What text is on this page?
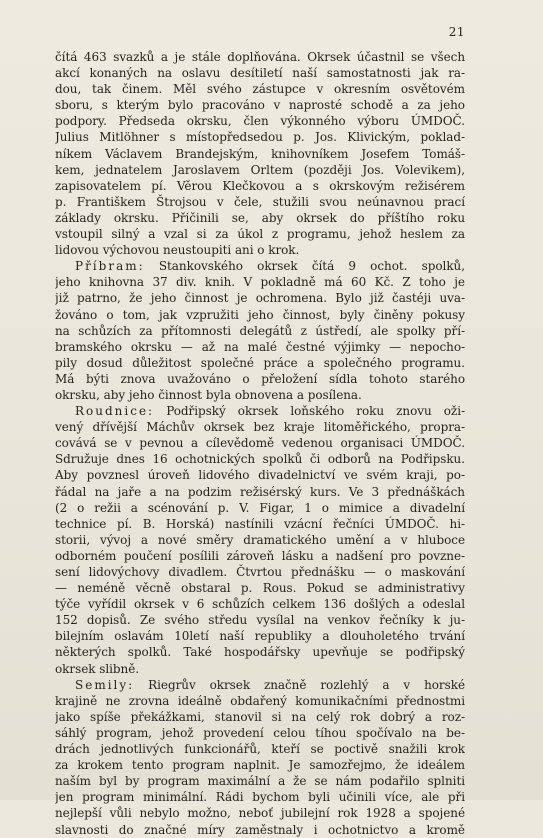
21
čítá 463 svazků a je stále doplňována. Okrsek účastnil se všech
akcí konaných na oslavu desítiletí naší samostatnosti jak ra-
dou, tak činem. Měl svého zástupce v okresním osvětovém
sboru, s kterým bylo pracováno v naprosté schodě a za jeho
podpory. Předseda okrsku, člen výkonného výboru ÚMDOČ.
Julius Mitlöhner s místopředsedou p. Jos. Klivickým, poklad-
níkem Václavem Brandejským, knihovníkem Josefem Tomáš-
kem, jednatelem Jaroslavem Orltem (později Jos. Volevikem),
zapisovatelem pí. Věrou Klečkovou a s okrskovým režisérem
p. Františkem Štrojsou v čele, stužili svou neúnavnou prací
základy okrsku. Přičinili se, aby okrsek do příštího roku
vstoupil silný a vzal si za úkol z programu, jehož heslem za
lidovou výchovou neustoupiti ani o krok.
Příbram: Stankovského okrsek čítá 9 ochot. spolků,
jeho knihovna 37 div. knih. V pokladně má 60 Kč. Z toho je
již patrno, že jeho činnost je ochromena. Bylo již častéji uva-
žováno o tom, jak vzpružiti jeho činnost, byly činěny pokusy
na schůzích za přítomnosti delegátů z ústředí, ale spolky pří-
bramského okrsku — až na malé čestné výjimky — nepocho-
pily dosud důležitost společné práce a společného programu.
Má býti znova uvažováno o přeložení sídla tohoto starého
okrsku, aby jeho činnost byla obnovena a posílena.
Roudnice: Podřipský okrsek loňského roku znovu oži-
vený dřívější Máchův okrsek bez kraje litoměřického, propra-
covává se v pevnou a cílevědomě vedenou organisaci ÚMDOČ.
Sdružuje dnes 16 ochotnických spolků či odborů na Podřipsku.
Aby povznesl úroveň lidového divadelnictví ve svém kraji, po-
řádal na jaře a na podzim režisérský kurs. Ve 3 přednáškách
(2 o režii a scénování p. V. Figar, 1 o mimice a divadelní
technice pí. B. Horská) nastínili vzácní řečníci ÚMDOČ. hi-
storii, vývoj a nové směry dramatického umění a v hluboce
odborném poučení posílili zároveň lásku a nadšení pro povzne-
sení lidovýchovy divadlem. Čtvrtou přednášku — o maskování
— neméně věcně obstaral p. Rous. Pokud se administrativy
týče vyřídil okrsek v 6 schůzích celkem 136 došlých a odeslal
152 dopisů. Ze svého středu vysílal na venkov řečníky k ju-
bilejním oslavám 10letí naší republiky a dlouholetého trvání
některých spolků. Také hospodářsky upevňuje se podřipský
okrsek slibně.
Semily: Riegrův okrsek značně rozlehlý a v horské
krajině ne zrovna ideálně obdařený komunikačními přednostmi
jako spíše překážkami, stanovil si na celý rok dobrý a roz-
sáhlý program, jehož provedení celou tíhou spočívalo na be-
drách jednotlivých funkcionářů, kteří se poctivě snažili krok
za krokem tento program naplnit. Je samozřejmo, že ideálem
naším byl by program maximální a že se nám podařilo splniti
jen program minimální. Rádi bychom byli učinili více, ale při
nejlepší vůli nebylo možno, neboť jubilejní rok 1928 a spojené
slavnosti do značné míry zaměstnaly i ochotnictvo a kromě
